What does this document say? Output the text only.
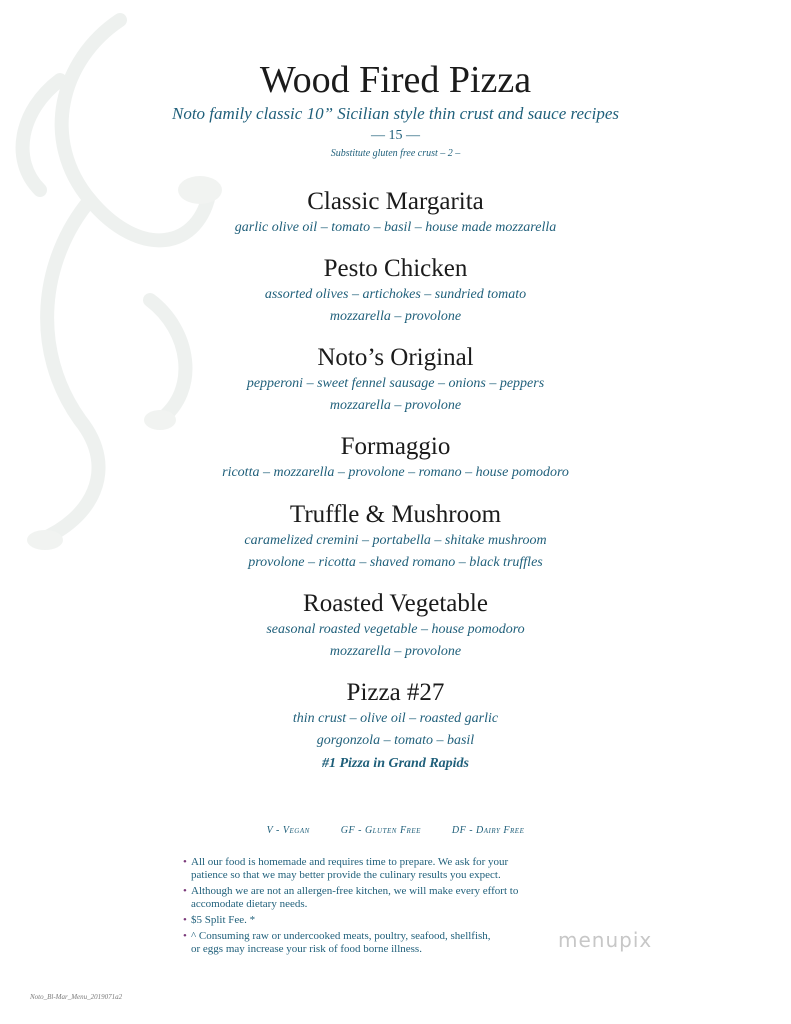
Wood Fired Pizza
Noto family classic 10” Sicilian style thin crust and sauce recipes
— 15 —
Substitute gluten free crust – 2 –
Classic Margarita
garlic olive oil – tomato – basil – house made mozzarella
Pesto Chicken
assorted olives – artichokes – sundried tomato
mozzarella – provolone
Noto’s Original
pepperoni – sweet fennel sausage – onions – peppers
mozzarella – provolone
Formaggio
ricotta – mozzarella – provolone – romano – house pomodoro
Truffle & Mushroom
caramelized cremini – portabella – shitake mushroom
provolone – ricotta – shaved romano – black truffles
Roasted Vegetable
seasonal roasted vegetable – house pomodoro
mozzarella – provolone
Pizza #27
thin crust – olive oil – roasted garlic
gorgonzola – tomato – basil
#1 Pizza in Grand Rapids
V - Vegan	GF - Gluten Free	DF - Dairy Free
• All our food is homemade and requires time to prepare. We ask for your
patience so that we may better provide the culinary results you expect.
• Although we are not an allergen-free kitchen, we will make every effort to
accomodate dietary needs.
• $5 Split Fee. *
• ^ Consuming raw or undercooked meats, poultry, seafood, shellfish,
or eggs may increase your risk of food borne illness.	menupix
Noto_Bl-Mar_Menu_2019071a2
